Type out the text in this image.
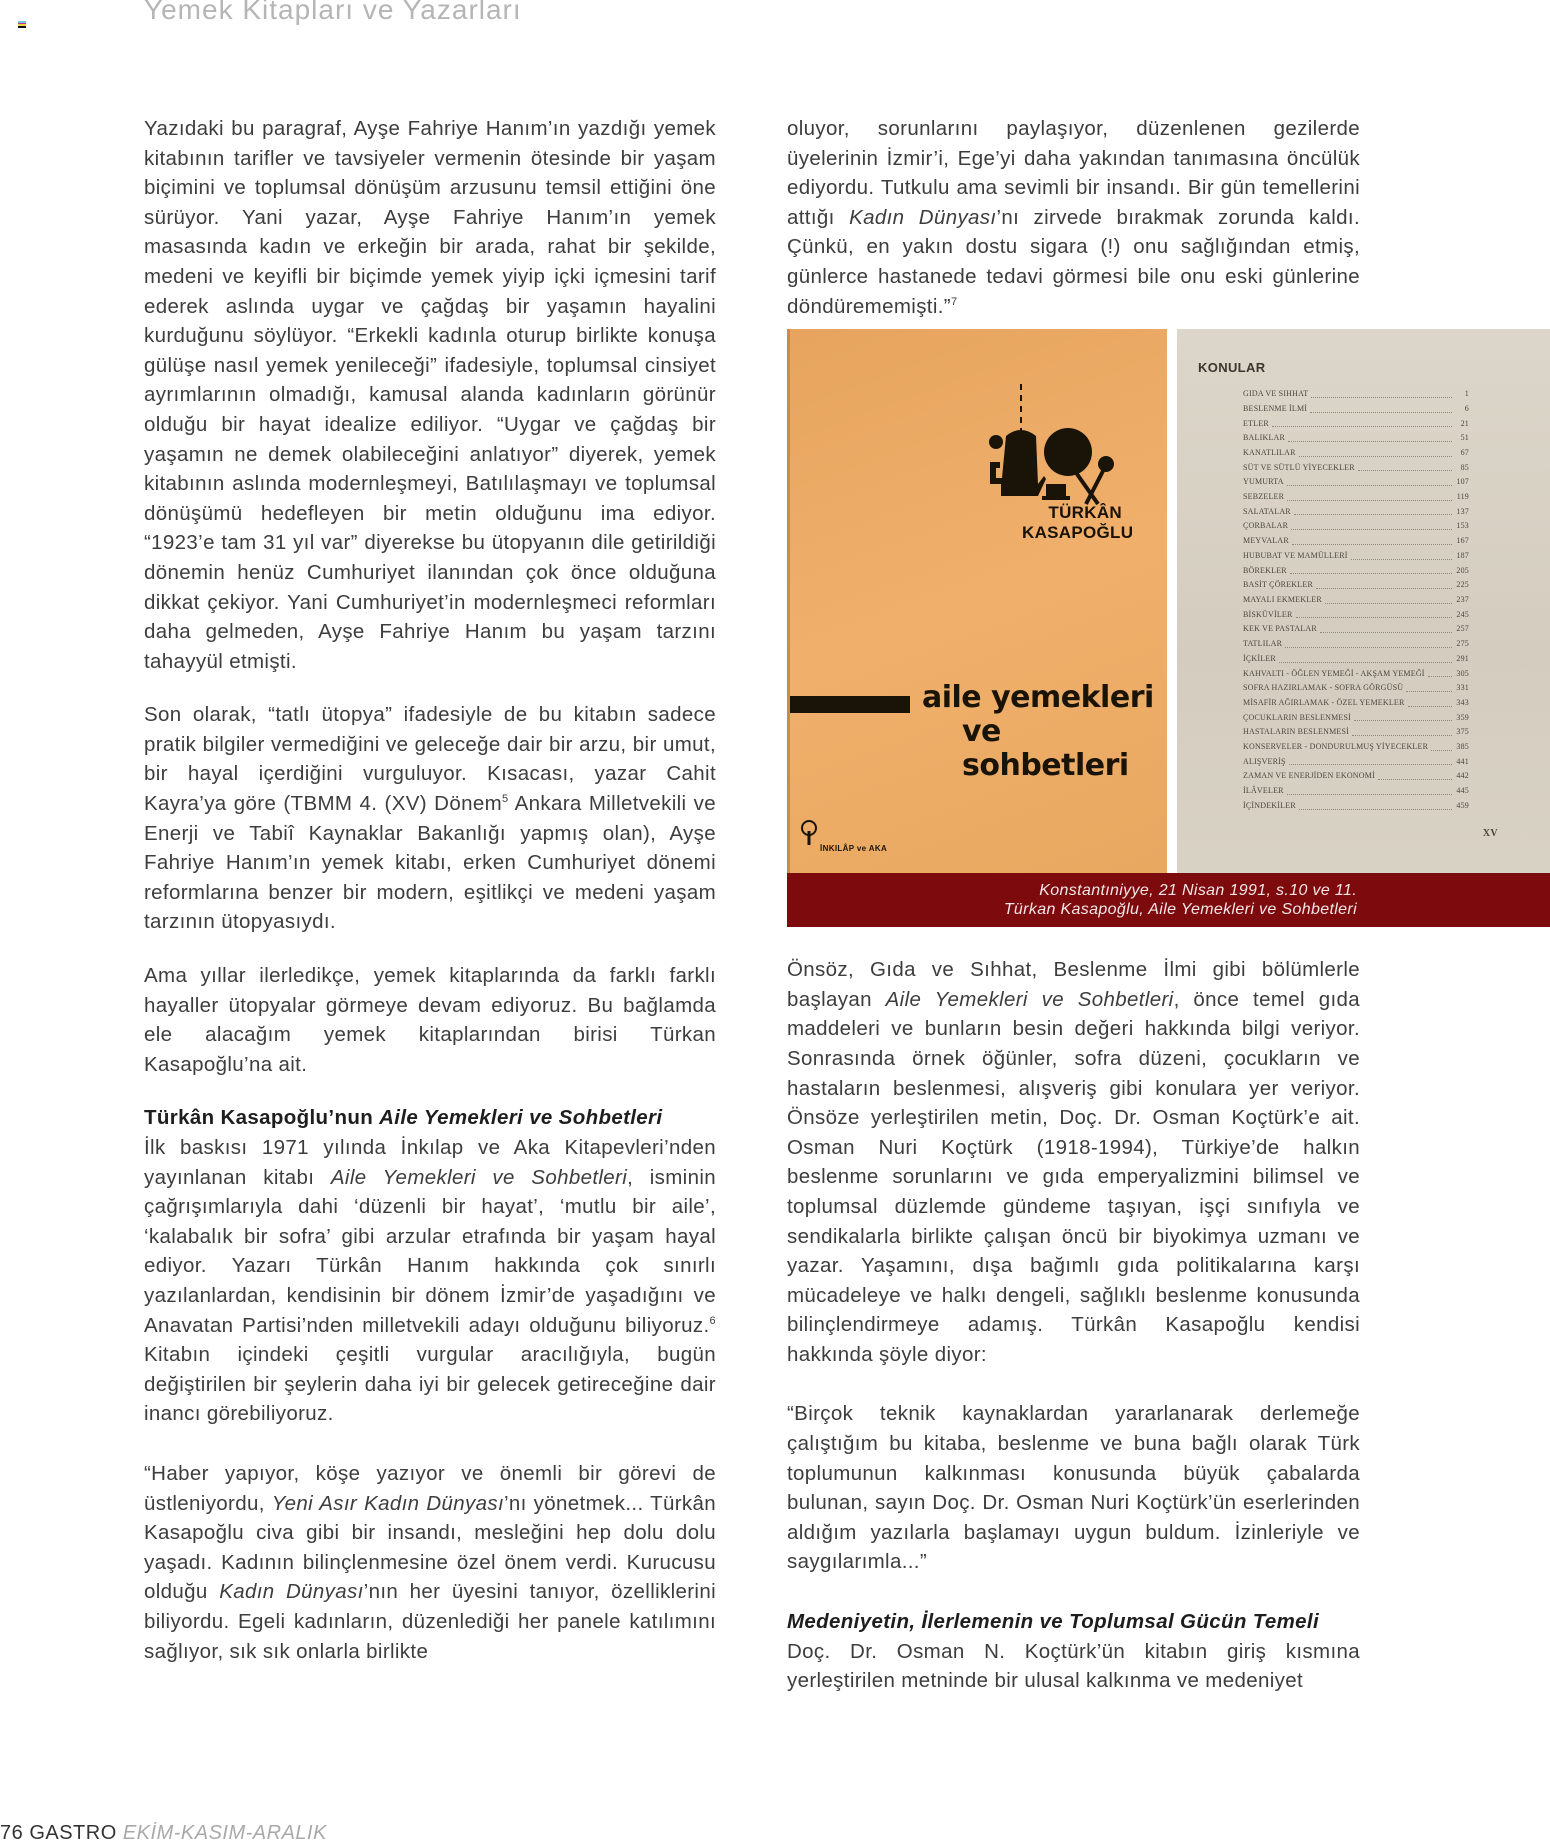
Yemek Kitapları ve Yazarları

Yazıdaki bu paragraf, Ayşe Fahriye Hanım’ın yazdığı yemek kitabının tarifler ve tavsiyeler vermenin ötesinde bir yaşam biçimini ve toplumsal dönüşüm arzusunu temsil ettiğini öne sürüyor. Yani yazar, Ayşe Fahriye Hanım’ın yemek masasında kadın ve erkeğin bir arada, rahat bir şekilde, medeni ve keyifli bir biçimde yemek yiyip içki içmesini tarif ederek aslında uygar ve çağdaş bir yaşamın hayalini kurduğunu söylüyor. “Erkekli kadınla oturup birlikte konuşa gülüşe nasıl yemek yenileceği” ifadesiyle, toplumsal cinsiyet ayrımlarının olmadığı, kamusal alanda kadınların görünür olduğu bir hayat idealize ediliyor. “Uygar ve çağdaş bir yaşamın ne demek olabileceğini anlatıyor” diyerek, yemek kitabının aslında modernleşmeyi, Batılılaşmayı ve toplumsal dönüşümü hedefleyen bir metin olduğunu ima ediyor. “1923’e tam 31 yıl var” diyerekse bu ütopyanın dile getirildiği dönemin henüz Cumhuriyet ilanından çok önce olduğuna dikkat çekiyor. Yani Cumhuriyet’in modernleşmeci reformları daha gelmeden, Ayşe Fahriye Hanım bu yaşam tarzını tahayyül etmişti.

Son olarak, “tatlı ütopya” ifadesiyle de bu kitabın sadece pratik bilgiler vermediğini ve geleceğe dair bir arzu, bir umut, bir hayal içerdiğini vurguluyor. Kısacası, yazar Cahit Kayra’ya göre (TBMM 4. (XV) Dönem$^5$ Ankara Milletvekili ve Enerji ve Tabiî Kaynaklar Bakanlığı yapmış olan), Ayşe Fahriye Hanım’ın yemek kitabı, erken Cumhuriyet dönemi reformlarına benzer bir modern, eşitlikçi ve medeni yaşam tarzının ütopyasıydı.

Ama yıllar ilerledikçe, yemek kitaplarında da farklı farklı hayaller ütopyalar görmeye devam ediyoruz. Bu bağlamda ele alacağım yemek kitaplarından birisi Türkan Kasapoğlu’na ait.

Türkân Kasapoğlu’nun Aile Yemekleri ve Sohbetleri

İlk baskısı 1971 yılında İnkılap ve Aka Kitapevleri’nden yayınlanan kitabı Aile Yemekleri ve Sohbetleri, isminin çağrışımlarıyla dahi ‘düzenli bir hayat’, ‘mutlu bir aile’, ‘kalabalık bir sofra’ gibi arzular etrafında bir yaşam hayal ediyor. Yazarı Türkân Hanım hakkında çok sınırlı yazılanlardan, kendisinin bir dönem İzmir’de yaşadığını ve Anavatan Partisi’nden milletvekili adayı olduğunu biliyoruz.$^6$ Kitabın içindeki çeşitli vurgular aracılığıyla, bugün değiştirilen bir şeylerin daha iyi bir gelecek getireceğine dair inancı görebiliyoruz.

“Haber yapıyor, köşe yazıyor ve önemli bir görevi de üstleniyordu, Yeni Asır Kadın Dünyası’nı yönetmek... Türkân Kasapoğlu civa gibi bir insandı, mesleğini hep dolu dolu yaşadı. Kadının bilinçlenmesine özel önem verdi. Kurucusu olduğu Kadın Dünyası’nın her üyesini tanıyor, özelliklerini biliyordu. Egeli kadınların, düzenlediği her panele katılımını sağlıyor, sık sık onlarla birlikte

oluyor, sorunlarını paylaşıyor, düzenlenen gezilerde üyelerinin İzmir’i, Ege’yi daha yakından tanımasına öncülük ediyordu. Tutkulu ama sevimli bir insandı. Bir gün temellerini attığı Kadın Dünyası’nı zirvede bırakmak zorunda kaldı. Çünkü, en yakın dostu sigara (!) onu sağlığından etmiş, günlerce hastanede tedavi görmesi bile onu eski günlerine döndürememişti.”$^7$

TÜRKÂN
KASAPOĞLU
aile yemekleri
ve sohbetleri
İNKILÂP ve AKA
KONULAR
GIDA VE SIHHAT	1
BESLENME İLMİ	6
ETLER	21
BALIKLAR	51
KANATLILAR	67
SÜT VE SÜTLÜ YİYECEKLER	85
YUMURTA	107
SEBZELER	119
SALATALAR	137
ÇORBALAR	153
MEYVALAR	167
HUBUBAT VE MAMÜLLERİ	187
BÖREKLER	205
BASİT ÇÖREKLER	225
MAYALI EKMEKLER	237
BİSKÜVİLER	245
KEK VE PASTALAR	257
TATLILAR	275
İÇKİLER	291
KAHVALTI - ÖĞLEN YEMEĞİ - AKŞAM YEMEĞİ	305
SOFRA HAZIRLAMAK - SOFRA GÖRGÜSÜ	331
MİSAFİR AĞIRLAMAK - ÖZEL YEMEKLER	343
ÇOCUKLARIN BESLENMESİ	359
HASTALARIN BESLENMESİ	375
KONSERVELER - DONDURULMUŞ YİYECEKLER	385
ALIŞVERİŞ	441
ZAMAN VE ENERJİDEN EKONOMİ	442
İLÂVELER	445
İÇİNDEKİLER	459
XV
Konstantıniyye, 21 Nisan 1991, s.10 ve 11.
Türkan Kasapoğlu, Aile Yemekleri ve Sohbetleri

Önsöz, Gıda ve Sıhhat, Beslenme İlmi gibi bölümlerle başlayan Aile Yemekleri ve Sohbetleri, önce temel gıda maddeleri ve bunların besin değeri hakkında bilgi veriyor. Sonrasında örnek öğünler, sofra düzeni, çocukların ve hastaların beslenmesi, alışveriş gibi konulara yer veriyor. Önsöze yerleştirilen metin, Doç. Dr. Osman Koçtürk’e ait. Osman Nuri Koçtürk (1918-1994), Türkiye’de halkın beslenme sorunlarını ve gıda emperyalizmini bilimsel ve toplumsal düzlemde gündeme taşıyan, işçi sınıfıyla ve sendikalarla birlikte çalışan öncü bir biyokimya uzmanı ve yazar. Yaşamını, dışa bağımlı gıda politikalarına karşı mücadeleye ve halkı dengeli, sağlıklı beslenme konusunda bilinçlendirmeye adamış. Türkân Kasapoğlu kendisi hakkında şöyle diyor:

“Birçok teknik kaynaklardan yararlanarak derlemeğe çalıştığım bu kitaba, beslenme ve buna bağlı olarak Türk toplumunun kalkınması konusunda büyük çabalarda bulunan, sayın Doç. Dr. Osman Nuri Koçtürk’ün eserlerinden aldığım yazılarla başlamayı uygun buldum. İzinleriyle ve saygılarımla...”

Medeniyetin, İlerlemenin ve Toplumsal Gücün Temeli

Doç. Dr. Osman N. Koçtürk’ün kitabın giriş kısmına yerleştirilen metninde bir ulusal kalkınma ve medeniyet

76 GASTRO EKİM-KASIM-ARALIK
